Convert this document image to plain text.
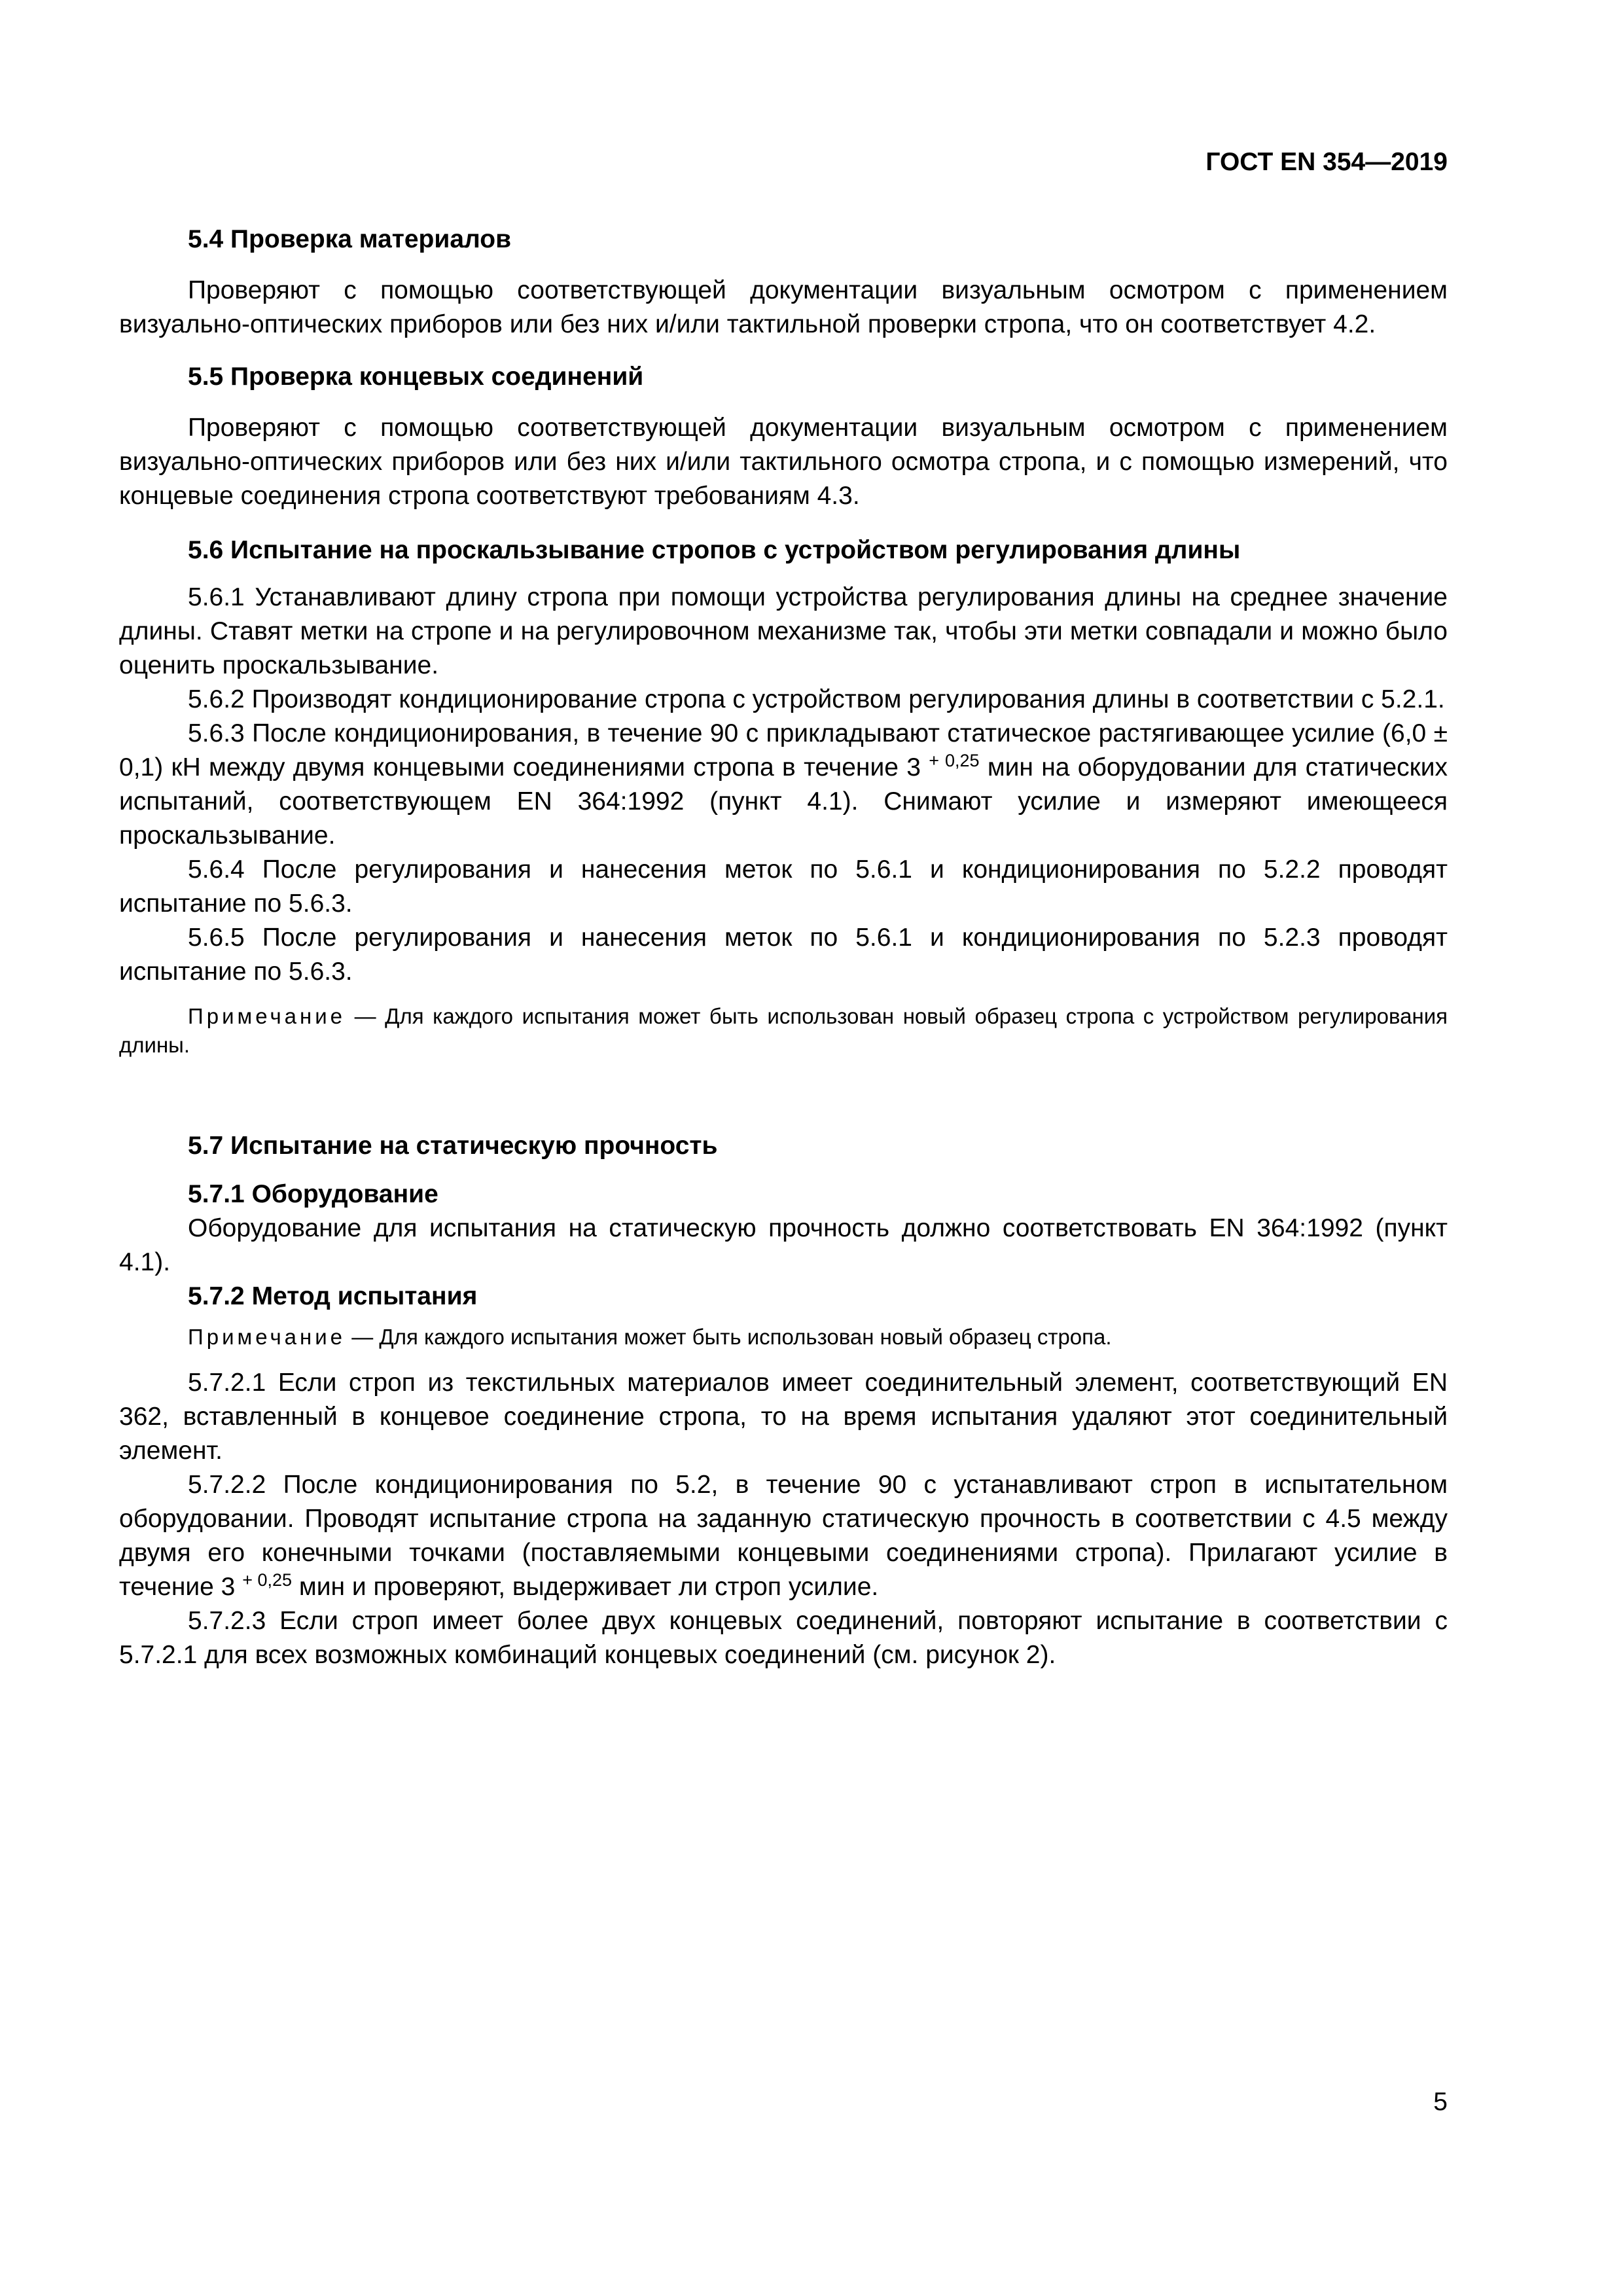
ГОСТ EN 354—2019
5.4 Проверка материалов

Проверяют с помощью соответствующей документации визуальным осмотром с применением визуально-оптических приборов или без них и/или тактильной проверки стропа, что он соответствует 4.2.

5.5 Проверка концевых соединений

Проверяют с помощью соответствующей документации визуальным осмотром с применением визуально-оптических приборов или без них и/или тактильного осмотра стропа, и с помощью измерений, что концевые соединения стропа соответствуют требованиям 4.3.

5.6 Испытание на проскальзывание стропов с устройством регулирования длины

5.6.1 Устанавливают длину стропа при помощи устройства регулирования длины на среднее значение длины. Ставят метки на стропе и на регулировочном механизме так, чтобы эти метки совпадали и можно было оценить проскальзывание.

5.6.2 Производят кондиционирование стропа с устройством регулирования длины в соответствии с 5.2.1.

5.6.3 После кондиционирования, в течение 90 с прикладывают статическое растягивающее усилие (6,0 ± 0,1) кН между двумя концевыми соединениями стропа в течение 3 $^{+ 0,25}$ мин на оборудовании для статических испытаний, соответствующем EN 364:1992 (пункт 4.1). Снимают усилие и измеряют имеющееся проскальзывание.

5.6.4 После регулирования и нанесения меток по 5.6.1 и кондиционирования по 5.2.2 проводят испытание по 5.6.3.

5.6.5 После регулирования и нанесения меток по 5.6.1 и кондиционирования по 5.2.3 проводят испытание по 5.6.3.

Примечание — Для каждого испытания может быть использован новый образец стропа с устройством регулирования длины.

5.7 Испытание на статическую прочность
5.7.1 Оборудование

Оборудование для испытания на статическую прочность должно соответствовать EN 364:1992 (пункт 4.1).

5.7.2 Метод испытания

Примечание — Для каждого испытания может быть использован новый образец стропа.

5.7.2.1 Если строп из текстильных материалов имеет соединительный элемент, соответствующий EN 362, вставленный в концевое соединение стропа, то на время испытания удаляют этот соединительный элемент.

5.7.2.2 После кондиционирования по 5.2, в течение 90 с устанавливают строп в испытательном оборудовании. Проводят испытание стропа на заданную статическую прочность в соответствии с 4.5 между двумя его конечными точками (поставляемыми концевыми соединениями стропа). Прилагают усилие в течение 3 $^{+ 0,25}$ мин и проверяют, выдерживает ли строп усилие.

5.7.2.3 Если строп имеет более двух концевых соединений, повторяют испытание в соответствии с 5.7.2.1 для всех возможных комбинаций концевых соединений (см. рисунок 2).

5
